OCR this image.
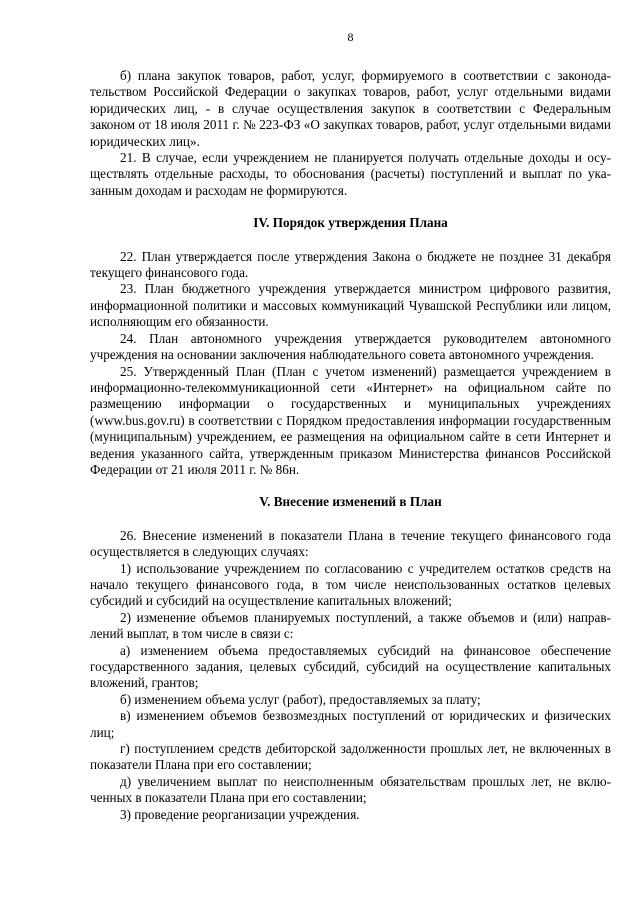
8

б) плана закупок товаров, работ, услуг, формируемого в соответствии с законодательством Российской Федерации о закупках товаров, работ, услуг отдельными видами юридических лиц, - в случае осуществления закупок в соответствии с Федеральным законом от 18 июля 2011 г. № 223-ФЗ «О закупках товаров, работ, услуг отдельными видами юридических лиц».

21. В случае, если учреждением не планируется получать отдельные доходы и осуществлять отдельные расходы, то обоснования (расчеты) поступлений и выплат по указанным доходам и расходам не формируются.

IV. Порядок утверждения Плана

22. План утверждается после утверждения Закона о бюджете не позднее 31 декабря текущего финансового года.

23. План бюджетного учреждения утверждается министром цифрового развития, информационной политики и массовых коммуникаций Чувашской Республики или лицом, исполняющим его обязанности.

24. План автономного учреждения утверждается руководителем автономного учреждения на основании заключения наблюдательного совета автономного учреждения.

25. Утвержденный План (План с учетом изменений) размещается учреждением в информационно-телекоммуникационной сети «Интернет» на официальном сайте по размещению информации о государственных и муниципальных учреждениях (www.bus.gov.ru) в соответствии с Порядком предоставления информации государственным (муниципальным) учреждением, ее размещения на официальном сайте в сети Интернет и ведения указанного сайта, утвержденным приказом Министерства финансов Российской Федерации от 21 июля 2011 г. № 86н.

V. Внесение изменений в План

26. Внесение изменений в показатели Плана в течение текущего финансового года осуществляется в следующих случаях:

1) использование учреждением по согласованию с учредителем остатков средств на начало текущего финансового года, в том числе неиспользованных остатков целевых субсидий и субсидий на осуществление капитальных вложений;

2) изменение объемов планируемых поступлений, а также объемов и (или) направлений выплат, в том числе в связи с:

а) изменением объема предоставляемых субсидий на финансовое обеспечение государственного задания, целевых субсидий, субсидий на осуществление капитальных вложений, грантов;

б) изменением объема услуг (работ), предоставляемых за плату;

в) изменением объемов безвозмездных поступлений от юридических и физических лиц;

г) поступлением средств дебиторской задолженности прошлых лет, не включенных в показатели Плана при его составлении;

д) увеличением выплат по неисполненным обязательствам прошлых лет, не включенных в показатели Плана при его составлении;

3) проведение реорганизации учреждения.
